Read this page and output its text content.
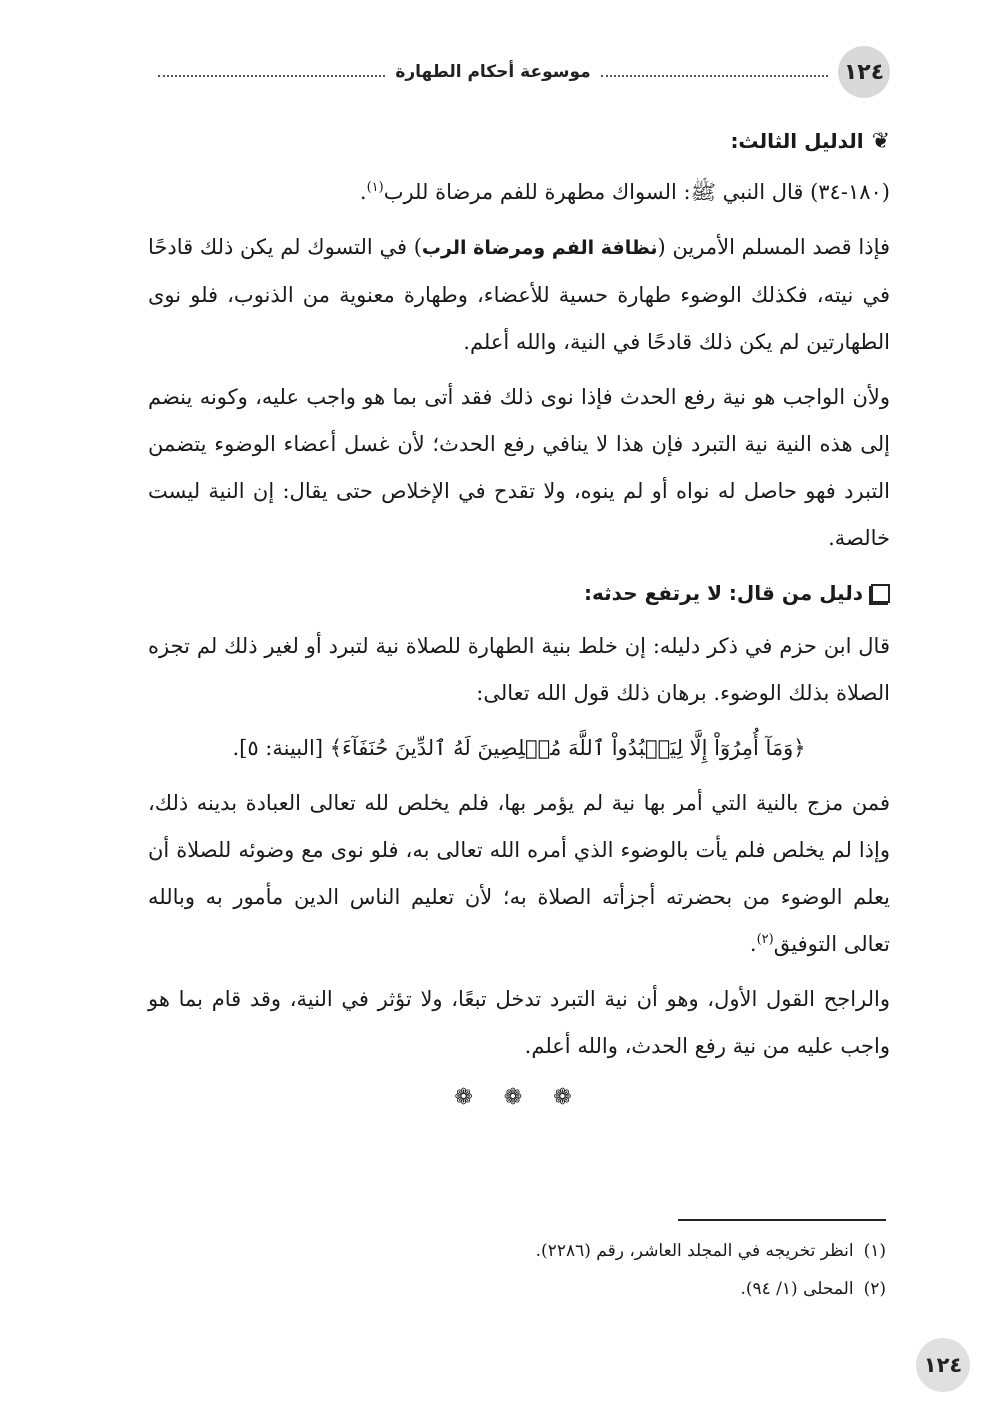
١٢٤
موسوعة أحكام الطهارة
❦
الدليل الثالث:

(١٨٠-٣٤) قال النبي ﷺ: السواك مطهرة للفم مرضاة للرب$^{(١)}$.

فإذا قصد المسلم الأمرين (نظافة الفم ومرضاة الرب) في التسوك لم يكن ذلك قادحًا في نيته، فكذلك الوضوء طهارة حسية للأعضاء، وطهارة معنوية من الذنوب، فلو نوى الطهارتين لم يكن ذلك قادحًا في النية، والله أعلم.

ولأن الواجب هو نية رفع الحدث فإذا نوى ذلك فقد أتى بما هو واجب عليه، وكونه ينضم إلى هذه النية نية التبرد فإن هذا لا ينافي رفع الحدث؛ لأن غسل أعضاء الوضوء يتضمن التبرد فهو حاصل له نواه أو لم ينوه، ولا تقدح في الإخلاص حتى يقال: إن النية ليست خالصة.

دليل من قال: لا يرتفع حدثه:

قال ابن حزم في ذكر دليله: إن خلط بنية الطهارة للصلاة نية لتبرد أو لغير ذلك لم تجزه الصلاة بذلك الوضوء. برهان ذلك قول الله تعالى:

﴿وَمَآ أُمِرُوٓاْ إِلَّا لِيَعۡبُدُواْ ٱللَّهَ مُخۡلِصِينَ لَهُ ٱلدِّينَ حُنَفَآءَ﴾ [البينة: ٥].

فمن مزج بالنية التي أمر بها نية لم يؤمر بها، فلم يخلص لله تعالى العبادة بدينه ذلك، وإذا لم يخلص فلم يأت بالوضوء الذي أمره الله تعالى به، فلو نوى مع وضوئه للصلاة أن يعلم الوضوء من بحضرته أجزأته الصلاة به؛ لأن تعليم الناس الدين مأمور به وبالله تعالى التوفيق$^{(٢)}$.

والراجح القول الأول، وهو أن نية التبرد تدخل تبعًا، ولا تؤثر في النية، وقد قام بما هو واجب عليه من نية رفع الحدث، والله أعلم.

❁ ❁ ❁
(١)
انظر تخريجه في المجلد العاشر، رقم (٢٢٨٦).
(٢)
المحلى (١/ ٩٤).
١٢٤
